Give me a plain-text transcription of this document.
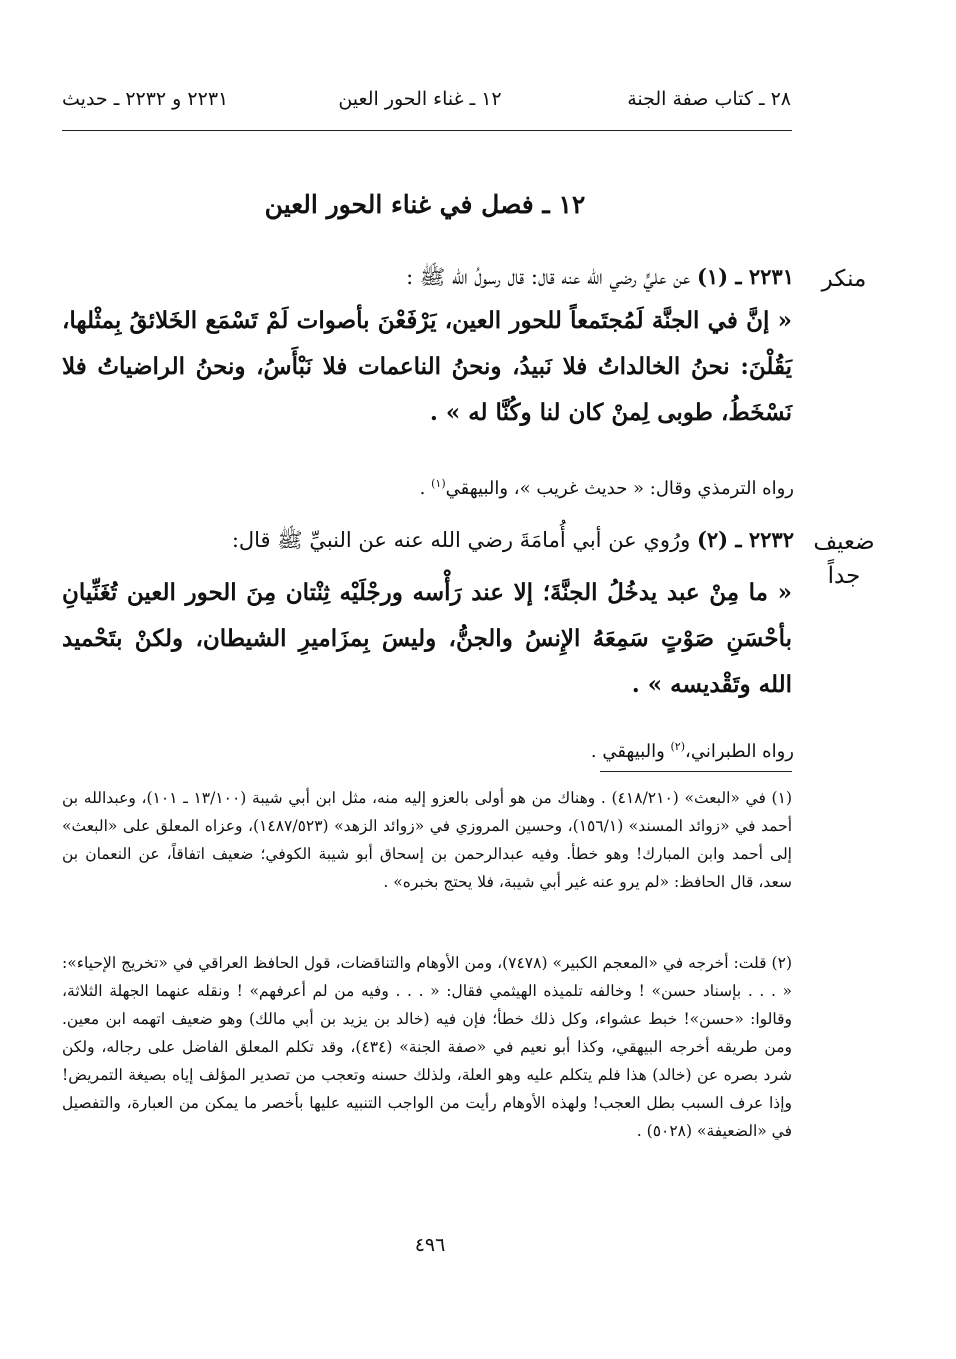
٢٨ ـ كتاب صفة الجنة
١٢ ـ غناء الحور العين
٢٢٣١ و ٢٢٣٢ ـ حديث
١٢ ـ فصل في غناء الحور العين
منكر
٢٢٣١ ـ (١) عن عليٍّ رضي الله عنه قال: قال رسولُ الله ﷺ :
« إنَّ في الجنَّة لَمُجتَمعاً للحور العين، يَرْفَعْنَ بأصوات لَمْ تَسْمَع الخَلائقُ بِمثْلها، يَقُلْنَ: نحنُ الخالداتُ فلا نَبيدُ، ونحنُ الناعمات فلا نَبْأَسُ، ونحنُ الراضياتُ فلا نَسْخَطُ، طوبى لِمنْ كان لنا وكُنَّا له » .
رواه الترمذي وقال: « حديث غريب »، والبيهقي$^{(١)}$ .
ضعيف جداً
٢٢٣٢ ـ (٢) ورُوي عن أبي أُمامَةَ رضي الله عنه عن النبيِّ ﷺ قال:
« ما مِنْ عبد يدخُلُ الجنَّةَ؛ إلا عند رَأْسه ورجْلَيْه ثِنْتان مِنَ الحور العين تُغَنِّيانِ بأحْسَنِ صَوْتٍ سَمِعَهُ الإِنسُ والجنُّ، وليسَ بِمزَاميرِ الشيطان، ولكنْ بتَحْميد الله وتَقْديسه » .
رواه الطبراني،$^{(٢)}$ والبيهقي .
(١) في «البعث» (٤١٨/٢١٠) . وهناك من هو أولى بالعزو إليه منه، مثل ابن أبي شيبة (١٣/١٠٠ ـ ١٠١)، وعبدالله بن أحمد في «زوائد المسند» (١٥٦/١)، وحسين المروزي في «زوائد الزهد» (١٤٨٧/٥٢٣)، وعزاه المعلق على «البعث» إلى أحمد وابن المبارك! وهو خطأ. وفيه عبدالرحمن بن إسحاق أبو شيبة الكوفي؛ ضعيف اتفاقاً، عن النعمان بن سعد، قال الحافظ: «لم يرو عنه غير أبي شيبة، فلا يحتج بخبره» .
(٢) قلت: أخرجه في «المعجم الكبير» (٧٤٧٨)، ومن الأوهام والتناقضات، قول الحافظ العراقي في «تخريج الإحياء»: « . . . بإسناد حسن» ! وخالفه تلميذه الهيثمي فقال: « . . . وفيه من لم أعرفهم» ! ونقله عنهما الجهلة الثلاثة، وقالوا: «حسن»! خبط عشواء، وكل ذلك خطأ؛ فإن فيه (خالد بن يزيد بن أبي مالك) وهو ضعيف اتهمه ابن معين. ومن طريقه أخرجه البيهقي، وكذا أبو نعيم في «صفة الجنة» (٤٣٤)، وقد تكلم المعلق الفاضل على رجاله، ولكن شرد بصره عن (خالد) هذا فلم يتكلم عليه وهو العلة، ولذلك حسنه وتعجب من تصدير المؤلف إياه بصيغة التمريض! وإذا عرف السبب بطل العجب! ولهذه الأوهام رأيت من الواجب التنبيه عليها بأخصر ما يمكن من العبارة، والتفصيل في «الضعيفة» (٥٠٢٨) .
٤٩٦
